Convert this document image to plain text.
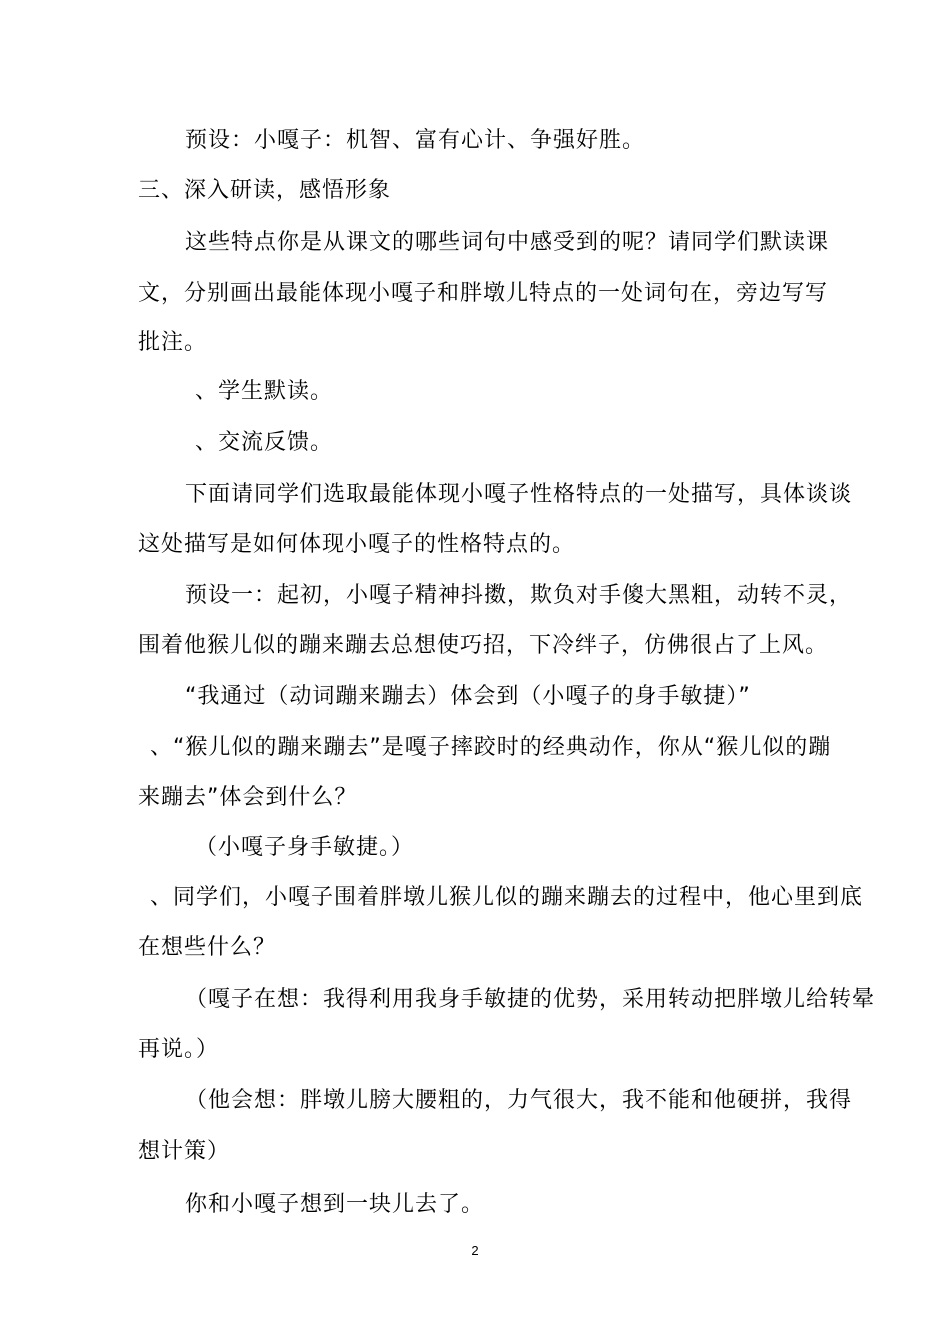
预设：小嘎子：机智、富有心计、争强好胜。
三、深入研读，感悟形象
这些特点你是从课文的哪些词句中感受到的呢？请同学们默读课
文，分别画出最能体现小嘎子和胖墩儿特点的一处词句在，旁边写写
批注。
、学生默读。
、交流反馈。
下面请同学们选取最能体现小嘎子性格特点的一处描写，具体谈谈
这处描写是如何体现小嘎子的性格特点的。
预设一：起初，小嘎子精神抖擞，欺负对手傻大黑粗，动转不灵，
围着他猴儿似的蹦来蹦去总想使巧招，下冷绊子，仿佛很占了上风。
“我通过（动词蹦来蹦去）体会到（小嘎子的身手敏捷）”
、“猴儿似的蹦来蹦去”是嘎子摔跤时的经典动作，你从“猴儿似的蹦
来蹦去”体会到什么？
（小嘎子身手敏捷。）
、同学们，小嘎子围着胖墩儿猴儿似的蹦来蹦去的过程中，他心里到底
在想些什么？
（嘎子在想：我得利用我身手敏捷的优势，采用转动把胖墩儿给转晕
再说。）
（他会想：胖墩儿膀大腰粗的，力气很大，我不能和他硬拼，我得
想计策）
你和小嘎子想到一块儿去了。
2
